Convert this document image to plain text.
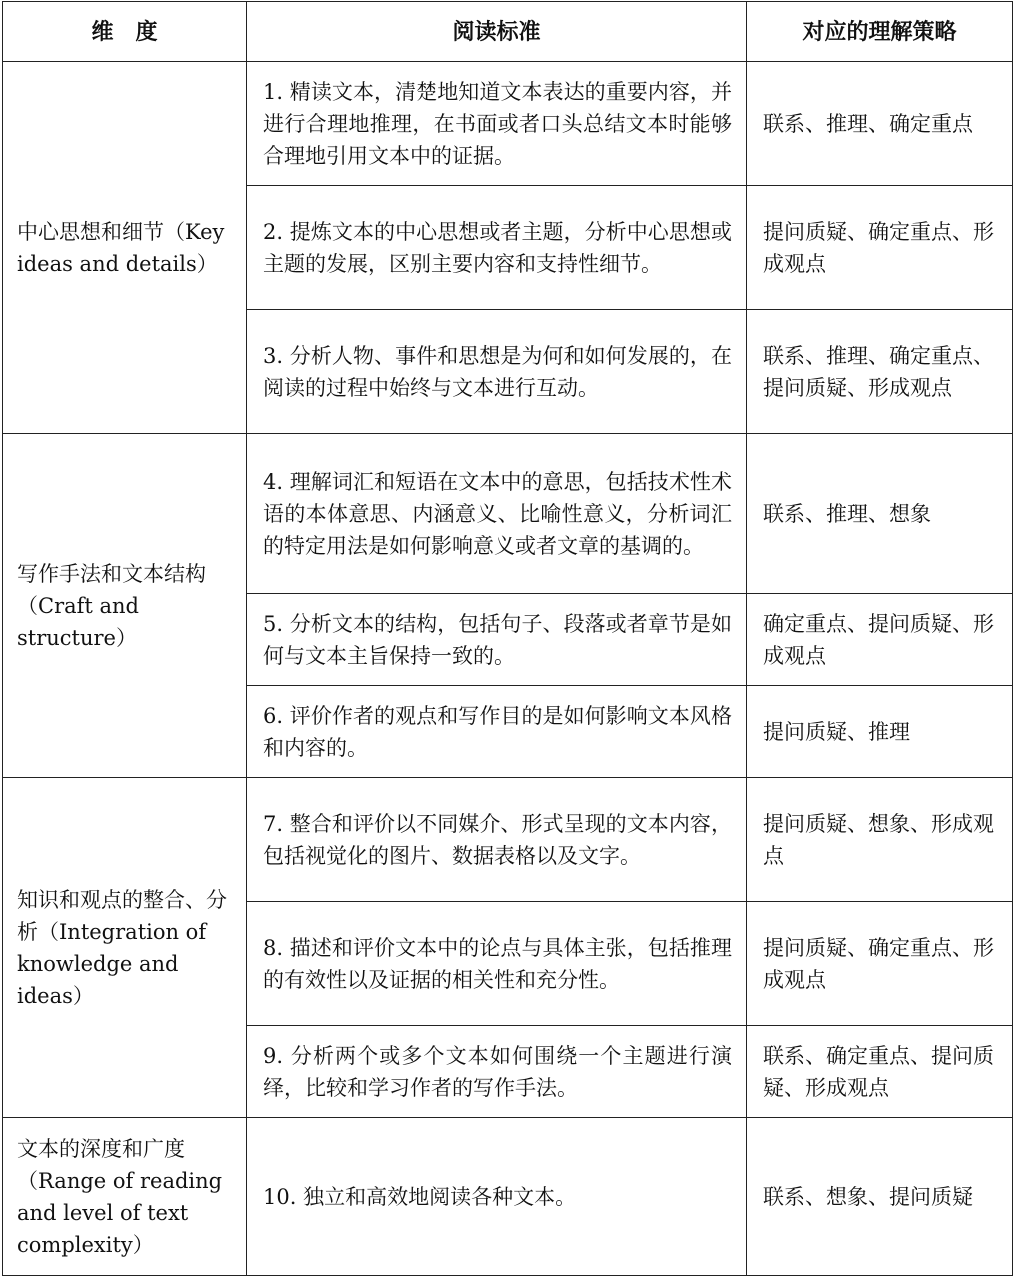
维　度	阅读标准	对应的理解策略
中心思想和细节（Key ideas and details）	1. 精读文本，清楚地知道文本表达的重要内容，并进行合理地推理，在书面或者口头总结文本时能够合理地引用文本中的证据。	联系、推理、确定重点
	2. 提炼文本的中心思想或者主题，分析中心思想或主题的发展，区别主要内容和支持性细节。	提问质疑、确定重点、形成观点
	3. 分析人物、事件和思想是为何和如何发展的，在阅读的过程中始终与文本进行互动。	联系、推理、确定重点、提问质疑、形成观点
写作手法和文本结构（Craft and structure）	4. 理解词汇和短语在文本中的意思，包括技术性术语的本体意思、内涵意义、比喻性意义，分析词汇的特定用法是如何影响意义或者文章的基调的。	联系、推理、想象
	5. 分析文本的结构，包括句子、段落或者章节是如何与文本主旨保持一致的。	确定重点、提问质疑、形成观点
	6. 评价作者的观点和写作目的是如何影响文本风格和内容的。	提问质疑、推理
知识和观点的整合、分　析（Integration of knowledge and ideas）	7. 整合和评价以不同媒介、形式呈现的文本内容，包括视觉化的图片、数据表格以及文字。	提问质疑、想象、形成观点
	8. 描述和评价文本中的论点与具体主张，包括推理的有效性以及证据的相关性和充分性。	提问质疑、确定重点、形成观点
	9. 分析两个或多个文本如何围绕一个主题进行演绎，比较和学习作者的写作手法。	联系、确定重点、提问质疑、形成观点
文本的深度和广度（Range of reading and level of text complexity）	10. 独立和高效地阅读各种文本。	联系、想象、提问质疑
